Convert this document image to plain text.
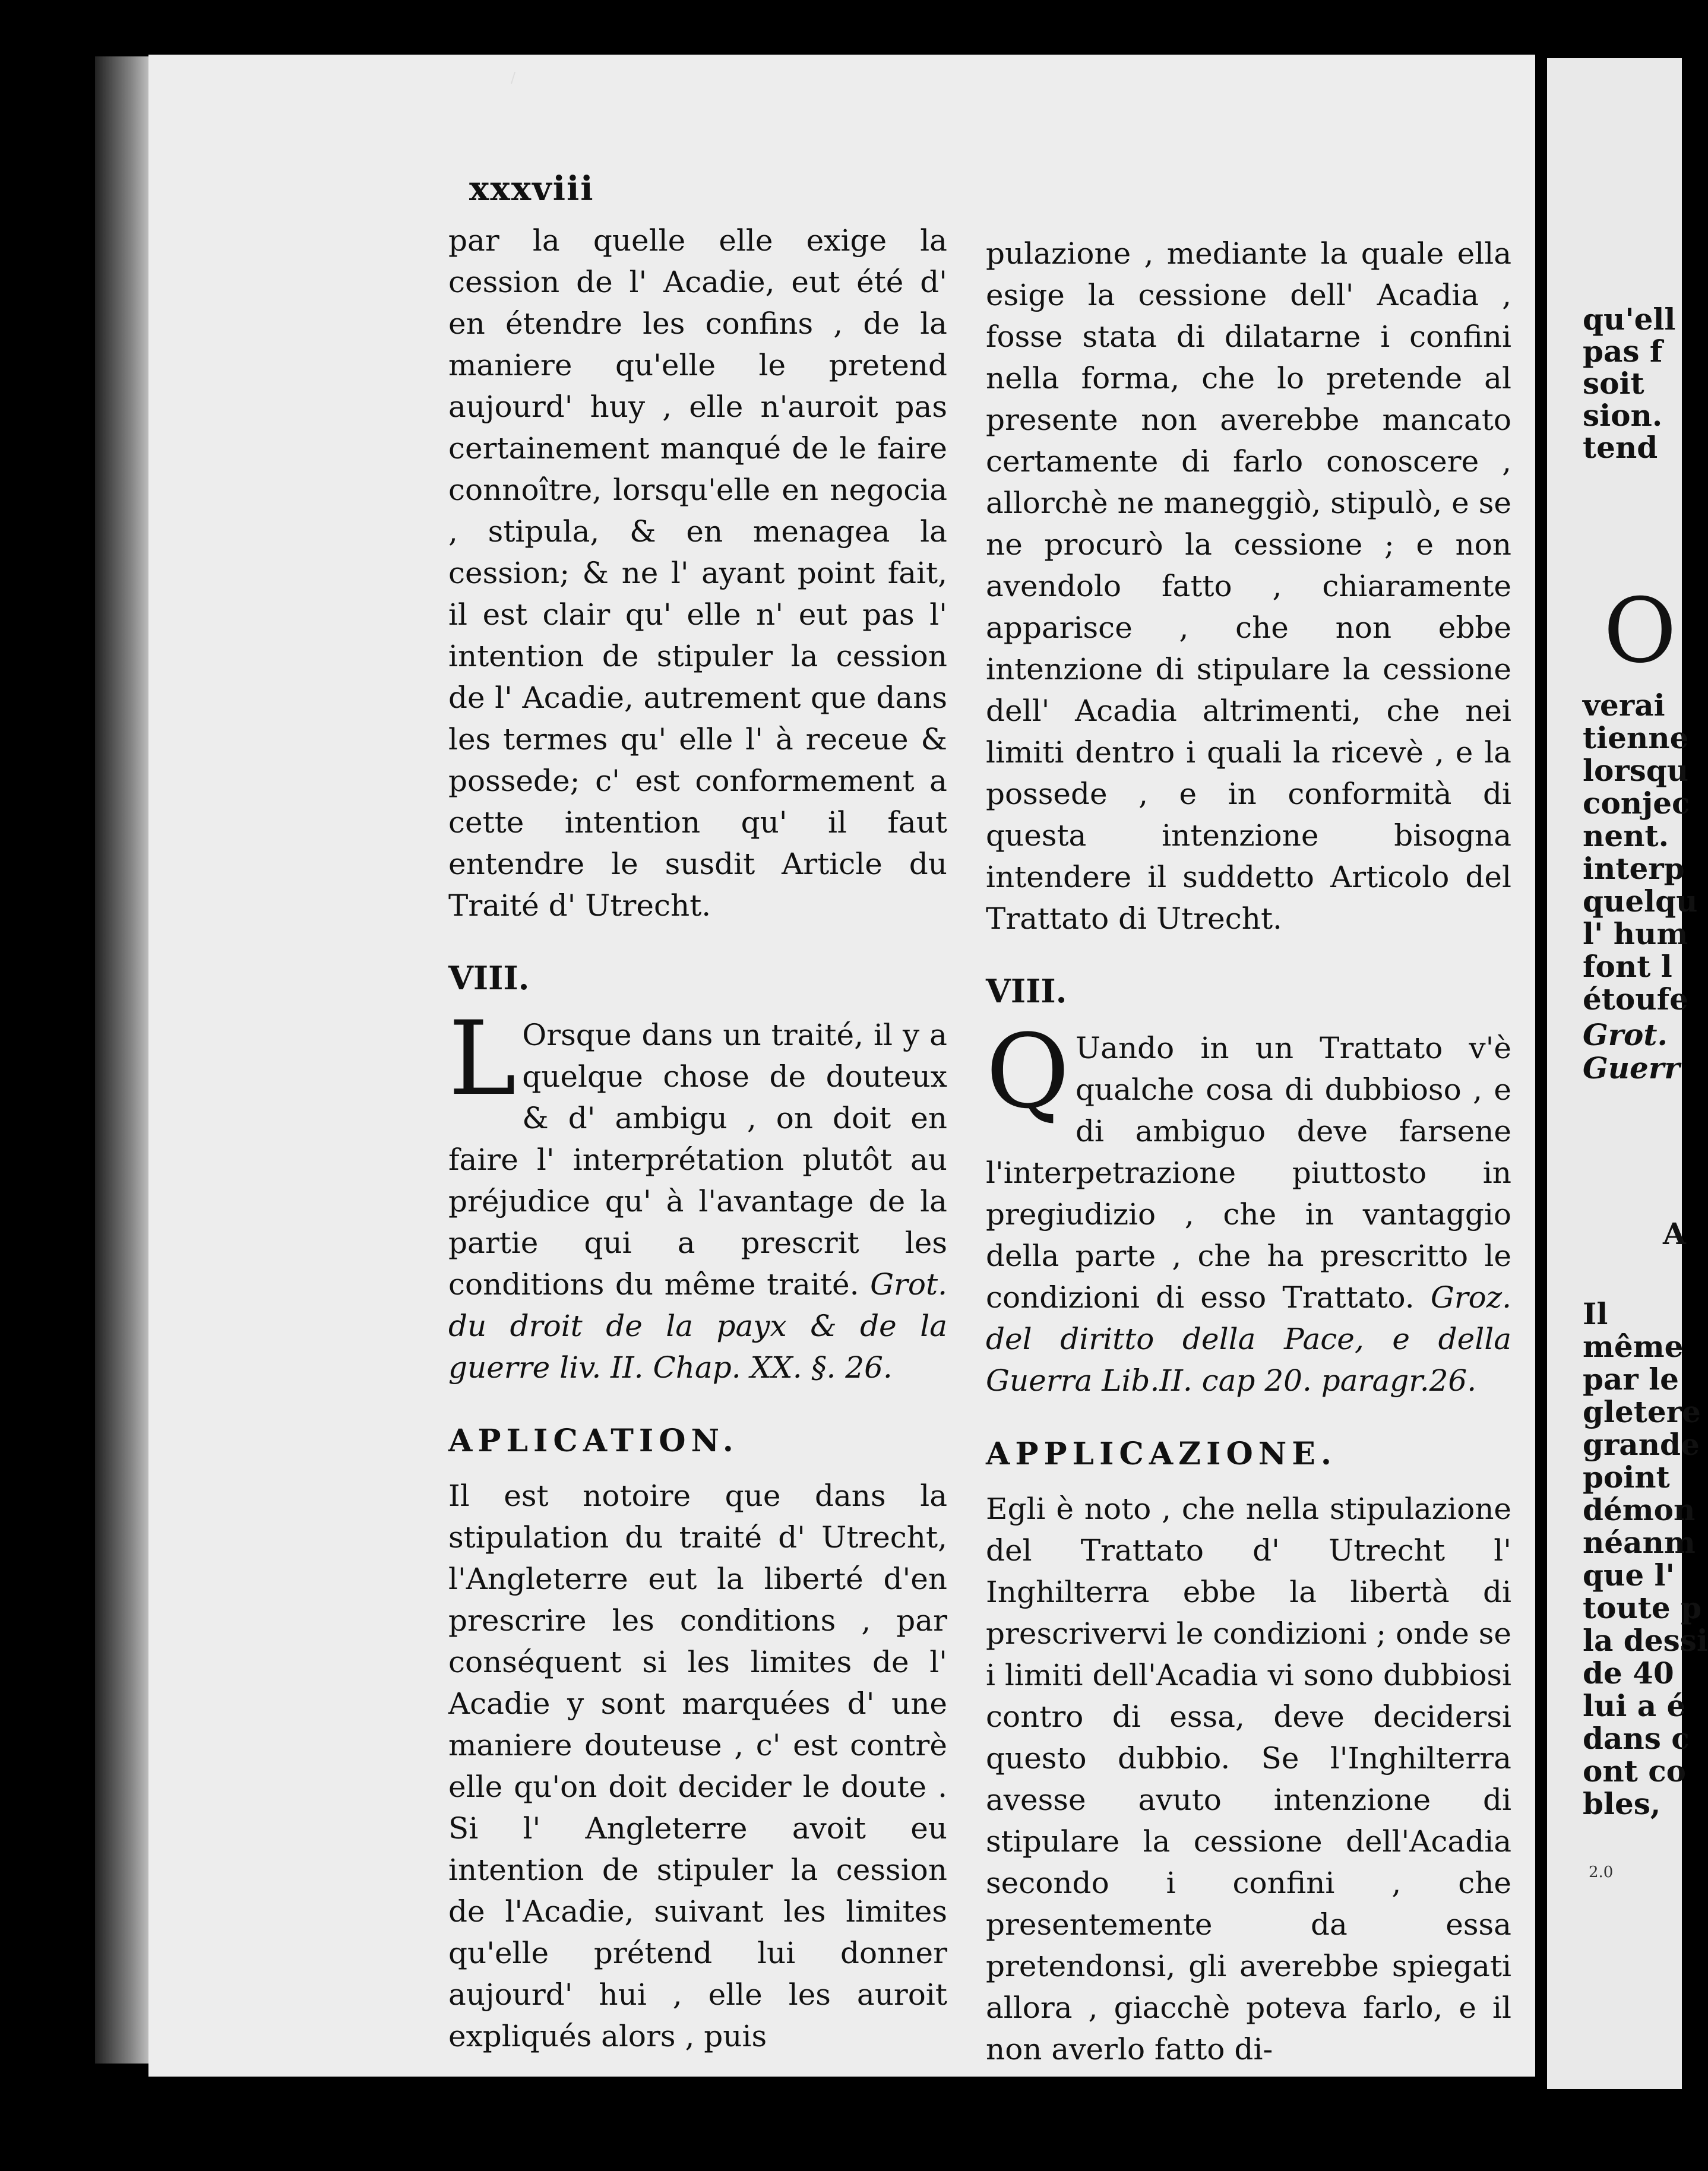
/
xxxviii

par la quelle elle exige la cession de l' Acadie, eut été d' en étendre les confins , de la maniere qu'elle le pretend aujourd' huy , elle n'auroit pas certainement manqué de le faire connoître, lorsqu'elle en negocia , stipula, & en menagea la cession; & ne l' ayant point fait, il est clair qu' elle n' eut pas l' intention de stipuler la cession de l' Acadie, autrement que dans les termes qu' elle l' à receue & possede; c' est conformement a cette intention qu' il faut entendre le susdit Article du Traité d' Utrecht.

VIII.

L Orsque dans un traité, il y a quelque chose de douteux & d' ambigu , on doit en faire l' interprétation plutôt au préjudice qu' à l'avantage de la partie qui a prescrit les conditions du même traité. Grot. du droit de la payx & de la guerre liv. II. Chap. XX. §. 26.

APLICATION.

Il est notoire que dans la stipulation du traité d' Utrecht, l'Angleterre eut la liberté d'en prescrire les conditions , par conséquent si les limites de l' Acadie y sont marquées d' une maniere douteuse , c' est contrè elle qu'on doit decider le doute . Si l' Angleterre avoit eu intention de stipuler la cession de l'Acadie, suivant les limites qu'elle prétend lui donner aujourd' hui , elle les auroit expliqués alors , puis

pulazione , mediante la quale ella esige la cessione dell' Acadia , fosse stata di dilatarne i confini nella forma, che lo pretende al presente non averebbe mancato certamente di farlo conoscere , allorchè ne maneggiò, stipulò, e se ne procurò la cessione ; e non avendolo fatto , chiaramente apparisce , che non ebbe intenzione di stipulare la cessione dell' Acadia altrimenti, che nei limiti dentro i quali la ricevè , e la possede , e in conformità di questa intenzione bisogna intendere il suddetto Articolo del Trattato di Utrecht.

VIII.

Q Uando in un Trattato v'è qualche cosa di dubbioso , e di ambiguo deve farsene l'interpetrazione piuttosto in pregiudizio , che in vantaggio della parte , che ha prescritto le condizioni di esso Trattato. Groz. del diritto della Pace, e della Guerra Lib.II. cap 20. paragr.26.

APPLICAZIONE.

Egli è noto , che nella stipulazione del Trattato d' Utrecht l' Inghilterra ebbe la libertà di prescrivervi le condizioni ; onde se i limiti dell'Acadia vi sono dubbiosi contro di essa, deve decidersi questo dubbio. Se l'Inghilterra avesse avuto intenzione di stipulare la cessione dell'Acadia secondo i confini , che presentemente da essa pretendonsi, gli averebbe spiegati allora , giacchè poteva farlo, e il non averlo fatto di-

qu'ell
pas f
soit
sion.
tend
O
verai
tienne
lorsqu
conjec
nent.
interp
quelqu
l' hum
font l
étoufe
Grot.
Guerr
A
Il
même
par le
gletere
grande
point
démon
néanm
que l'
toute p
la dessi
de 40
lui a é
dans c
ont co
bles,
2.0
